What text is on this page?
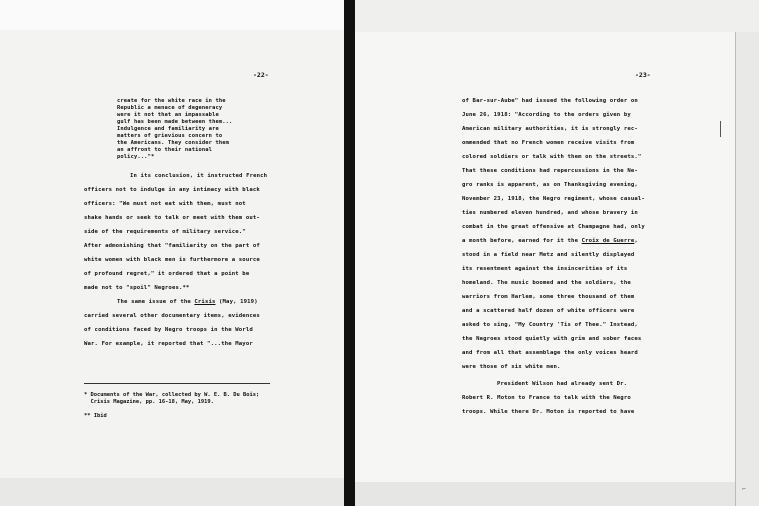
-22-
create for the white race in the
Republic a menace of degeneracy
were it not that an impassable
gulf has been made between them...
Indulgence and familiarity are
matters of grievious concern to
the Americans. They consider them
an affront to their national
policy..."*
In its conclusion, it instructed French
officers not to indulge in any intimacy with black
officers: "We must not eat with them, must not
shake hands or seek to talk or meet with them out-
side of the requirements of military service."
After admonishing that "familiarity on the part of
white women with black men is furthermore a source
of profound regret," it ordered that a point be
made not to "spoil" Negroes.**
The same issue of the Crisis (May, 1919)
carried several other documentary items, evidences
of conditions faced by Negro troops in the World
War. For example, it reported that "...the Mayor
* Documents of the War, collected by W. E. B. Du Bois;
Crisis Magazine, pp. 16-18, May, 1919.
** Ibid
-23-
of Bar-sur-Aube" had issued the following order on
June 26, 1918: "According to the orders given by
American military authorities, it is strongly rec-
ommended that no French women receive visits from
colored soldiers or talk with them on the streets."
That these conditions had repercussions in the Ne-
gro ranks is apparent, as on Thanksgiving evening,
November 23, 1918, the Negro regiment, whose casual-
ties numbered eleven hundred, and whose bravery in
combat in the great offensive at Champagne had, only
a month before, earned for it the Croix de Guerre,
stood in a field near Metz and silently displayed
its resentment against the insincerities of its
homeland. The music boomed and the soldiers, the
warriors from Harlem, some three thousand of them
and a scattered half dozen of white officers were
asked to sing, "My Country 'Tis of Thee." Instead,
the Negroes stood quietly with grim and sober faces
and from all that assemblage the only voices heard
were those of six white men.
President Wilson had already sent Dr.
Robert R. Moton to France to talk with the Negro
troops. While there Dr. Moton is reported to have
⌐
